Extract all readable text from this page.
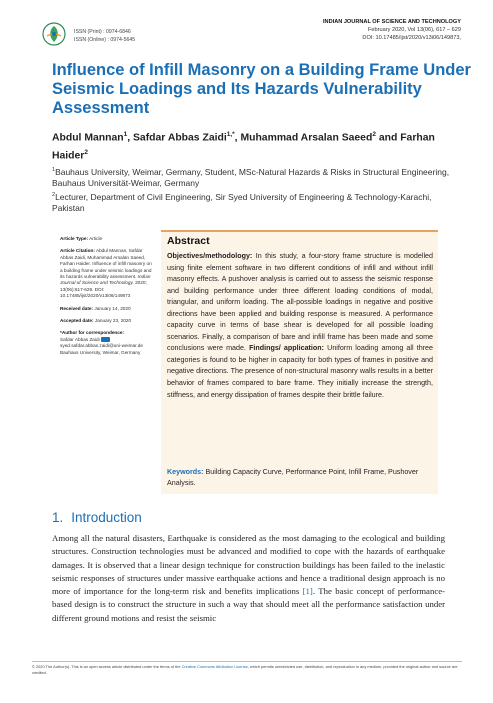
ISSN (Print) : 0974-6846
ISSN (Online) : 0974-5645
INDIAN JOURNAL OF SCIENCE AND TECHNOLOGY
February 2020, Vol 13(06), 617 – 629
DOI: 10.17485/ijst/2020/v13i06/149873,
Influence of Infill Masonry on a Building Frame Under Seismic Loadings and Its Hazards Vulnerability Assessment
Abdul Mannan$^1$, Safdar Abbas Zaidi$^{1,*}$, Muhammad Arsalan Saeed$^2$ and Farhan Haider$^2$
$^1$Bauhaus University, Weimar, Germany, Student, MSc-Natural Hazards & Risks in Structural Engineering, Bauhaus Universität-Weimar, Germany
$^2$Lecturer, Department of Civil Engineering, Sir Syed University of Engineering & Technology-Karachi, Pakistan

Article Type: Article

Article Citation: Abdul Mannan, Safdar Abbas Zaidi, Muhammad Arsalan Saeed, Farhan Haider. Influence of infill masonry on a building frame under seismic loadings and its hazards vulnerability assessment. Indian Journal of Science and Technology. 2020; 13(06):617-629. DOI: 10.17485/ijst/2020/v13i06/149873

Received date: January 14, 2020

Accepted date: January 23, 2020

*Author for correspondence:
Safdar Abbas Zaidi  syed.safdar.abbas.zaidi@uni-weimar.de Bauhaus University, Weimar, Germany

Abstract
Objectives/methodology: In this study, a four-story frame structure is modelled using finite element software in two different conditions of infill and without infill masonry effects. A pushover analysis is carried out to assess the seismic response and building performance under three different loading conditions of modal, triangular, and uniform loading. The all-possible loadings in negative and positive directions have been applied and building response is measured. A performance capacity curve in terms of base shear is developed for all possible loading scenarios. Finally, a comparison of bare and infill frame has been made and some conclusions were made. Findings/ application: Uniform loading among all three categories is found to be higher in capacity for both types of frames in positive and negative directions. The presence of non-structural masonry walls results in a better behavior of frames compared to bare frame. They initially increase the strength, stiffness, and energy dissipation of frames despite their brittle failure.
Keywords: Building Capacity Curve, Performance Point, Infill Frame, Pushover Analysis.
1. Introduction
Among all the natural disasters, Earthquake is considered as the most damaging to the ecological and building structures. Construction technologies must be advanced and modified to cope with the hazards of earthquake damages. It is observed that a linear design technique for construction buildings has been failed to the inelastic seismic responses of structures under massive earthquake actions and hence a traditional design approach is no more of importance for the long-term risk and benefits implications [1]. The basic concept of performance-based design is to construct the structure in such a way that should meet all the performance satisfaction under different ground motions and resist the seismic
© 2020 The Author(s). This is an open access article distributed under the terms of the Creative Commons Attribution License, which permits unrestricted use, distribution, and reproduction in any medium, provided the original author and source are credited.
